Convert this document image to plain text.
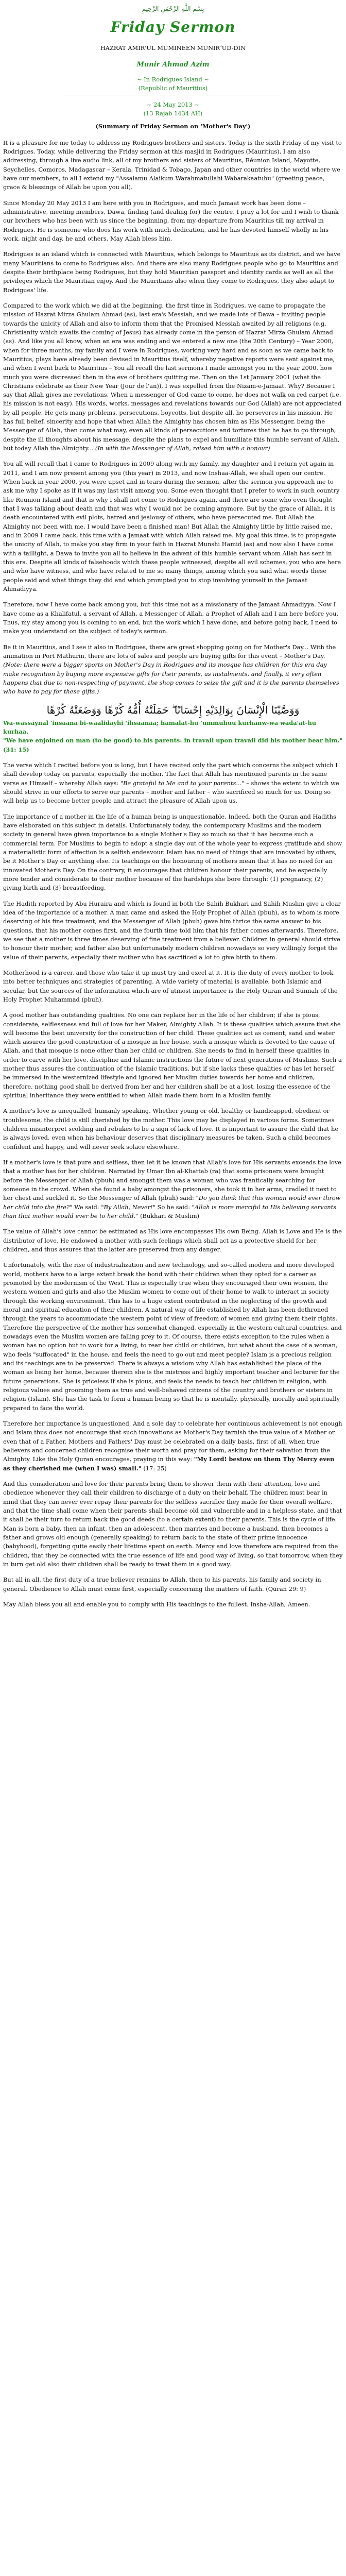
بِسْمِ اللَّهِ الرَّحْمَٰنِ الرَّحِيمِ
Friday Sermon
HAZRAT AMIR'UL MUMINEEN MUNIRʼUD-DIN
Munir Ahmad Azim
~ In Rodrigues Island ~
(Republic of Mauritius)
~ 24 May 2013 ~
(13 Rajab 1434 AH)
(Summary of Friday Sermon on 'Mother's Day')

It is a pleasure for me today to address my Rodrigues brothers and sisters. Today is the sixth Friday of my visit to Rodrigues. Today, while delivering the Friday sermon at this masjid in Rodrigues (Mauritius), I am also addressing, through a live audio link, all of my brothers and sisters of Mauritius, Réunion Island, Mayotte, Seychelles, Comoros, Madagascar – Kerala, Trinidad & Tobago, Japan and other countries in the world where we have our members, to all I extend my "Assalamu Alaikum Warahmatullahi Wabarakaatuhu" (greeting peace, grace & blessings of Allah be upon you all).

Since Monday 20 May 2013 I am here with you in Rodrigues, and much Jamaat work has been done – administrative, meeting members, Dawa, finding (and dealing for) the centre. I pray a lot for and I wish to thank our brothers who has been with us since the beginning, from my departure from Mauritius till my arrival in Rodrigues. He is someone who does his work with much dedication, and he has devoted himself wholly in his work, night and day, he and others. May Allah bless him.

Rodrigues is an island which is connected with Mauritius, which belongs to Mauritius as its district, and we have many Mauritians to come to Rodrigues also. And there are also many Rodrigues people who go to Mauritius and despite their birthplace being Rodrigues, but they hold Mauritian passport and identity cards as well as all the privileges which the Mauritian enjoy. And the Mauritians also when they come to Rodrigues, they also adapt to Rodrigues' life.

Compared to the work which we did at the beginning, the first time in Rodrigues, we came to propagate the mission of Hazrat Mirza Ghulam Ahmad (as), last era's Messiah, and we made lots of Dawa – inviting people towards the unicity of Allah and also to inform them that the Promised Messiah awaited by all religions (e.g. Christianity which awaits the coming of Jesus) has already come in the person of Hazrat Mirza Ghulam Ahmad (as). And like you all know, when an era was ending and we entered a new one (the 20th Century) – Year 2000, when for three months, my family and I were in Rodrigues, working very hard and as soon as we came back to Mauritius, plays have already been devised in Mauritius itself, whereby negative reports were sent against me, and when I went back to Mauritius – You all recall the last sermons I made amongst you in the year 2000, how much you were distressed then in the eve of brothers quitting me. Then on the 1st January 2001 (what the Christians celebrate as their New Year (Jour de l'an)), I was expelled from the Nizam-e-Jamaat. Why? Because I say that Allah gives me revelations. When a messenger of God came to come, he does not walk on red carpet (i.e. his mission is not easy). His words, works, messages and revelations towards our God (Allah) are not appreciated by all people. He gets many problems, persecutions, boycotts, but despite all, he perseveres in his mission. He has full belief, sincerity and hope that when Allah the Almighty has chosen him as His Messenger, being the Messenger of Allah, then come what may, even all kinds of persecutions and tortures that he has to go through, despite the ill thoughts about his message, despite the plans to expel and humiliate this humble servant of Allah, but today Allah the Almighty... (In with the Messenger of Allah, raised him with a honour)

You all will recall that I came to Rodrigues in 2009 along with my family, my daughter and I return yet again in 2011, and I am now present among you (this year) in 2013, and now Inshaa-Allah, we shall open our centre. When back in year 2000, you were upset and in tears during the sermon, after the sermon you approach me to ask me why I spoke as if it was my last visit among you. Some even thought that I prefer to work in such country like Reunion Island and that is why I shall not come to Rodrigues again, and there are some who even thought that I was talking about death and that was why I would not be coming anymore. But by the grace of Allah, it is death encountered with evil plots, hatred and jealousy of others, who have persecuted me. But Allah the Almighty not been with me, I would have been a finished man! But Allah the Almighty little by little raised me, and in 2009 I came back, this time with a Jamaat with which Allah raised me. My goal this time, is to propagate the unicity of Allah, to make you stay firm in your faith in Hazrat Munshi Hamid (as) and now also I have come with a taillight, a Dawa to invite you all to believe in the advent of this humble servant whom Allah has sent in this era. Despite all kinds of falsehoods which these people witnessed, despite all evil schemes, you who are here and who have witness, and who have related to me so many things, among which you said what words these people said and what things they did and which prompted you to stop involving yourself in the Jamaat Ahmadiyya.

Therefore, now I have come back among you, but this time not as a missionary of the Jamaat Ahmadiyya. Now I have come as a Khalifatul, a servant of Allah, a Messenger of Allah, a Prophet of Allah and I am here before you. Thus, my stay among you is coming to an end, but the work which I have done, and before going back, I need to make you understand on the subject of today's sermon.

Be it in Mauritius, and I see it also in Rodrigues, there are great shopping going on for Mother's Day... With the animation in Port Mathurin, there are lots of sales and people are buying gifts for this event – Mother's Day. (Note: there were a bigger sports on Mother's Day in Rodrigues and its mosque has children for this era day make recognition by buying more expensive gifts for their parents, as instalments, and finally, it very often happens that due to non-respecting of payment, the shop comes to seize the gift and it is the parents themselves who have to pay for these gifts.)

وَوَصَّيْنَا الْإِنْسَانَ بِوَالِدَيْهِ إِحْسَانًا ۖ حَمَلَتْهُ أُمُّهُ كُرْهًا وَوَضَعَتْهُ كُرْهًا

Wa-wassaynal 'insaana bi-waalidayhi 'ihsaanaa; hamalat-hu 'ummuhuu kurhanw-wa wada'at-hu kurhaa.

"We have enjoined on man (to be good) to his parents: in travail upon travail did his mother bear him." (31: 15)

The verse which I recited before you is long, but I have recited only the part which concerns the subject which I shall develop today on parents, especially the mother. The fact that Allah has mentioned parents in the same verse as Himself – whereby Allah says: "Be grateful to Me and to your parents..." – shows the extent to which we should strive in our efforts to serve our parents – mother and father – who sacrificed so much for us. Doing so will help us to become better people and attract the pleasure of Allah upon us.

The importance of a mother in the life of a human being is unquestionable. Indeed, both the Quran and Hadiths have elaborated on this subject in details. Unfortunately today, the contemporary Muslims and the modern society in general have given importance to a single Mother's Day so much so that it has become such a commercial term. For Muslims to begin to adopt a single day out of the whole year to express gratitude and show a materialistic form of affection is a selfish endeavour. Islam has no need of things that are innovated by others, be it Mother's Day or anything else. Its teachings on the honouring of mothers mean that it has no need for an innovated Mother's Day. On the contrary, it encourages that children honour their parents, and be especially more tender and considerate to their mother because of the hardships she bore through: (1) pregnancy, (2) giving birth and (3) breastfeeding.

The Hadith reported by Abu Huraira and which is found in both the Sahih Bukhari and Sahih Muslim give a clear idea of the importance of a mother. A man came and asked the Holy Prophet of Allah (pbuh), as to whom is more deserving of his fine treatment, and the Messenger of Allah (pbuh) gave him thrice the same answer to his questions, that his mother comes first, and the fourth time told him that his father comes afterwards. Therefore, we see that a mother is three times deserving of fine treatment from a believer. Children in general should strive to honour their mother, and father also but unfortunately modern children nowadays so very willingly forget the value of their parents, especially their mother who has sacrificed a lot to give birth to them.

Motherhood is a career, and those who take it up must try and excel at it. It is the duty of every mother to look into better techniques and strategies of parenting. A wide variety of material is available, both Islamic and secular, but the sources of the information which are of utmost importance is the Holy Quran and Sunnah of the Holy Prophet Muhammad (pbuh).

A good mother has outstanding qualities. No one can replace her in the life of her children; if she is pious, considerate, selflessness and full of love for her Maker, Almighty Allah. It is these qualities which assure that she will become the best university for the construction of her child. These qualities act as cement, sand and water which assures the good construction of a mosque in her house, such a mosque which is devoted to the cause of Allah, and that mosque is none other than her child or children. She needs to find in herself these qualities in order to carve with her love, discipline and Islamic instructions the future of next generations of Muslims. Such a mother thus assures the continuation of the Islamic traditions, but if she lacks these qualities or has let herself be immersed in the westernized lifestyle and ignored her Muslim duties towards her home and children, therefore, nothing good shall be derived from her and her children shall be at a lost, losing the essence of the spiritual inheritance they were entitled to when Allah made them born in a Muslim family.

A mother's love is unequalled, humanly speaking. Whether young or old, healthy or handicapped, obedient or troublesome, the child is still cherished by the mother. This love may be displayed in various forms. Sometimes children misinterpret scolding and rebukes to be a sign of lack of love. It is important to assure the child that he is always loved, even when his behaviour deserves that disciplinary measures be taken. Such a child becomes confident and happy, and will never seek solace elsewhere.

If a mother's love is that pure and selfless, then let it be known that Allah's love for His servants exceeds the love that a mother has for her children. Narrated by Umar Ibn al-Khattab (ra) that some prisoners were brought before the Messenger of Allah (pbuh) and amongst them was a woman who was frantically searching for someone in the crowd. When she found a baby amongst the prisoners, she took it in her arms, cradled it next to her chest and suckled it. So the Messenger of Allah (pbuh) said: "Do you think that this woman would ever throw her child into the fire?" We said: "By Allah, Never!" So he said: "Allah is more merciful to His believing servants than that mother would ever be to her child." (Bukhari & Muslim)

The value of Allah's love cannot be estimated as His love encompasses His own Being. Allah is Love and He is the distributor of love. He endowed a mother with such feelings which shall act as a protective shield for her children, and thus assures that the latter are preserved from any danger.

Unfortunately, with the rise of industrialization and new technology, and so-called modern and more developed world, mothers have to a large extent break the bond with their children when they opted for a career as promoted by the modernism of the West. This is especially true when they encouraged their own women, the western women and girls and also the Muslim women to come out of their home to walk to interact in society through the working environment. This has to a huge extent contributed in the neglecting of the growth and moral and spiritual education of their children. A natural way of life established by Allah has been dethroned through the years to accommodate the western point of view of freedom of women and giving them their rights. Therefore the perspective of the mother has somewhat changed, especially in the western cultural countries, and nowadays even the Muslim women are falling prey to it. Of course, there exists exception to the rules when a woman has no option but to work for a living, to rear her child or children, but what about the case of a woman, who feels "suffocated" in the house, and feels the need to go out and meet people? Islam is a precious religion and its teachings are to be preserved. There is always a wisdom why Allah has established the place of the woman as being her home, because therein she is the mistress and highly important teacher and lecturer for the future generations. She is priceless if she is pious, and feels the needs to teach her children in religion, with religious values and grooming them as true and well-behaved citizens of the country and brothers or sisters in religion (Islam). She has the task to form a human being so that he is mentally, physically, morally and spiritually prepared to face the world.

Therefore her importance is unquestioned. And a sole day to celebrate her continuous achievement is not enough and Islam thus does not encourage that such innovations as Mother's Day tarnish the true value of a Mother or even that of a Father. Mothers and Fathers' Day must be celebrated on a daily basis, first of all, when true believers and concerned children recognise their worth and pray for them, asking for their salvation from the Almighty. Like the Holy Quran encourages, praying in this way: "My Lord! bestow on them Thy Mercy even as they cherished me (when I was) small." (17: 25)

And this consideration and love for their parents bring them to shower them with their attention, love and obedience whenever they call their children to discharge of a duty on their behalf. The children must bear in mind that they can never ever repay their parents for the selfless sacrifice they made for their overall welfare, and that the time shall come when their parents shall become old and vulnerable and in a helpless state, and that it shall be their turn to return back the good deeds (to a certain extent) to their parents. This is the cycle of life. Man is born a baby, then an infant, then an adolescent, then marries and become a husband, then becomes a father and grows old enough (generally speaking) to return back to the state of their prime innocence (babyhood), forgetting quite easily their lifetime spent on earth. Mercy and love therefore are required from the children, that they be connected with the true essence of life and good way of living, so that tomorrow, when they in turn get old also their children shall be ready to treat them in a good way.

But all in all, the first duty of a true believer remains to Allah, then to his parents, his family and society in general. Obedience to Allah must come first, especially concerning the matters of faith. (Quran 29: 9)

May Allah bless you all and enable you to comply with His teachings to the fullest. Insha-Allah, Ameen.
